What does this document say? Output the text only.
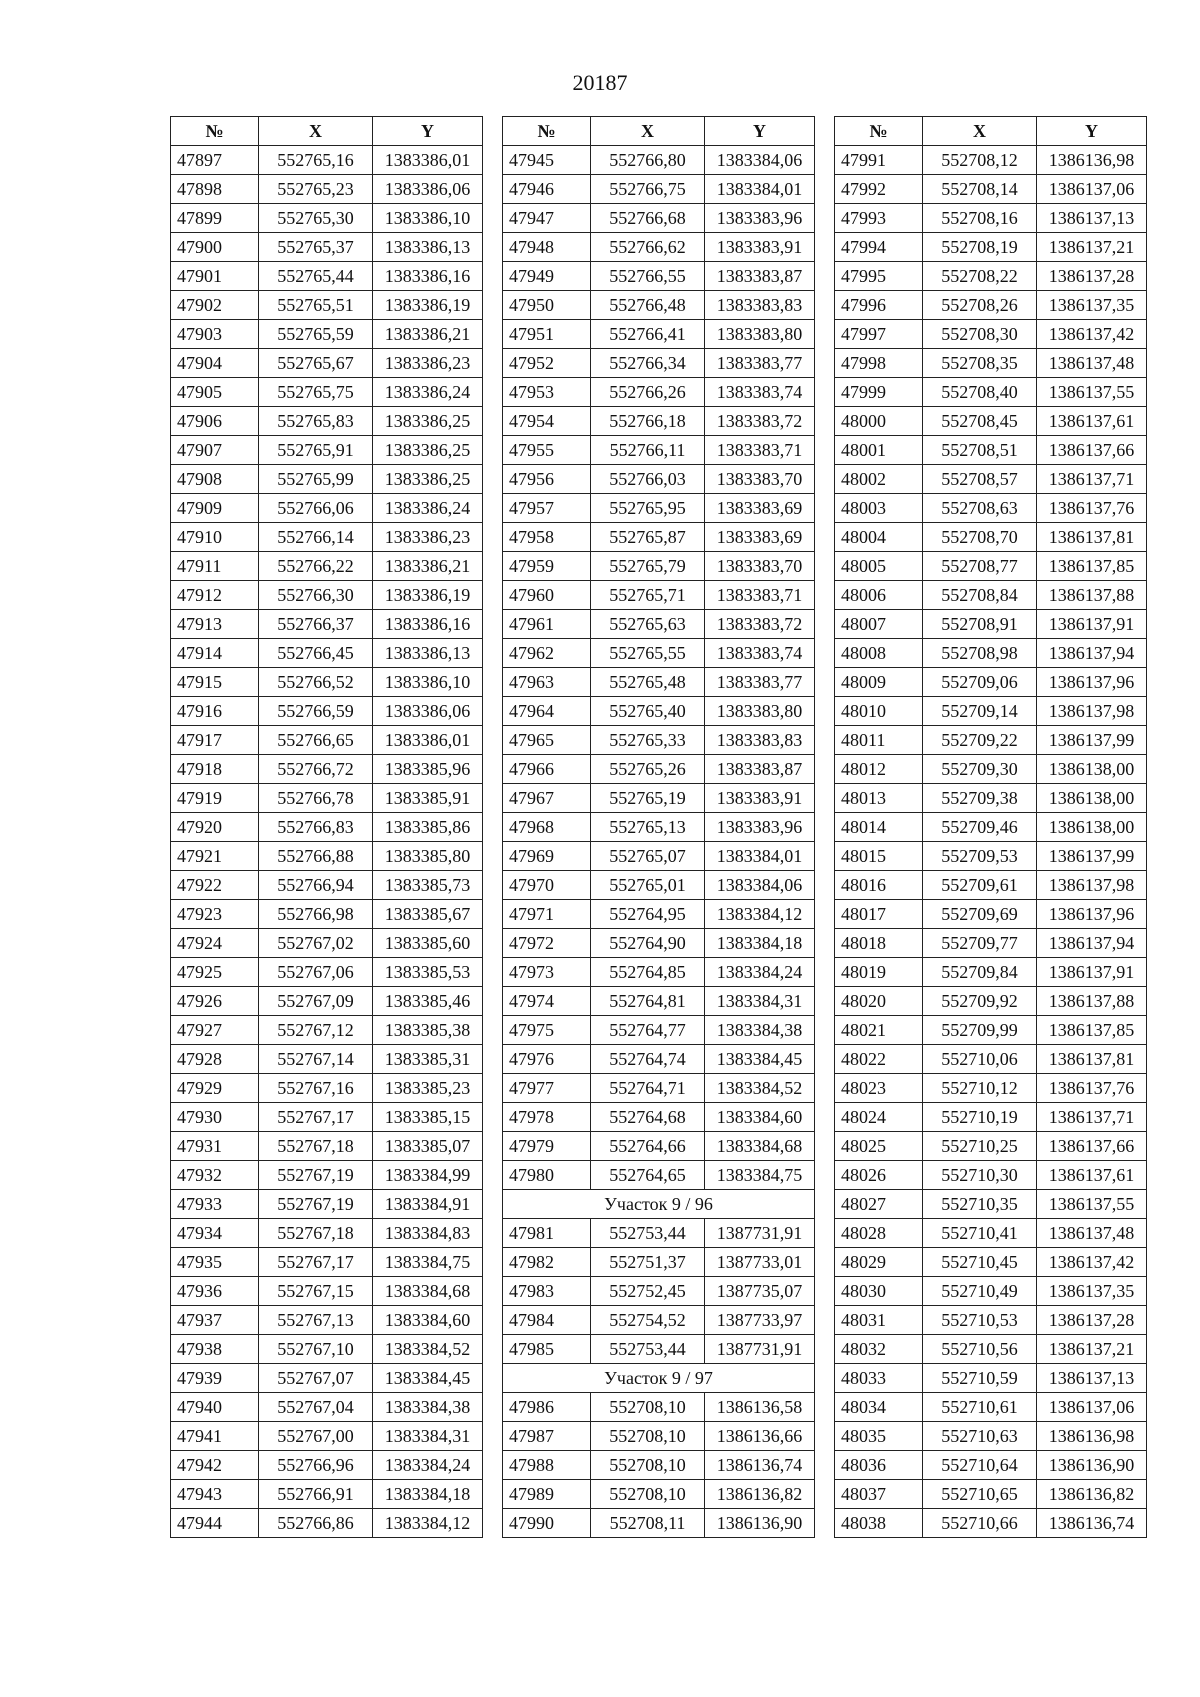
20187
№	X	Y
47897	552765,16	1383386,01
47898	552765,23	1383386,06
47899	552765,30	1383386,10
47900	552765,37	1383386,13
47901	552765,44	1383386,16
47902	552765,51	1383386,19
47903	552765,59	1383386,21
47904	552765,67	1383386,23
47905	552765,75	1383386,24
47906	552765,83	1383386,25
47907	552765,91	1383386,25
47908	552765,99	1383386,25
47909	552766,06	1383386,24
47910	552766,14	1383386,23
47911	552766,22	1383386,21
47912	552766,30	1383386,19
47913	552766,37	1383386,16
47914	552766,45	1383386,13
47915	552766,52	1383386,10
47916	552766,59	1383386,06
47917	552766,65	1383386,01
47918	552766,72	1383385,96
47919	552766,78	1383385,91
47920	552766,83	1383385,86
47921	552766,88	1383385,80
47922	552766,94	1383385,73
47923	552766,98	1383385,67
47924	552767,02	1383385,60
47925	552767,06	1383385,53
47926	552767,09	1383385,46
47927	552767,12	1383385,38
47928	552767,14	1383385,31
47929	552767,16	1383385,23
47930	552767,17	1383385,15
47931	552767,18	1383385,07
47932	552767,19	1383384,99
47933	552767,19	1383384,91
47934	552767,18	1383384,83
47935	552767,17	1383384,75
47936	552767,15	1383384,68
47937	552767,13	1383384,60
47938	552767,10	1383384,52
47939	552767,07	1383384,45
47940	552767,04	1383384,38
47941	552767,00	1383384,31
47942	552766,96	1383384,24
47943	552766,91	1383384,18
47944	552766,86	1383384,12
№	X	Y
47945	552766,80	1383384,06
47946	552766,75	1383384,01
47947	552766,68	1383383,96
47948	552766,62	1383383,91
47949	552766,55	1383383,87
47950	552766,48	1383383,83
47951	552766,41	1383383,80
47952	552766,34	1383383,77
47953	552766,26	1383383,74
47954	552766,18	1383383,72
47955	552766,11	1383383,71
47956	552766,03	1383383,70
47957	552765,95	1383383,69
47958	552765,87	1383383,69
47959	552765,79	1383383,70
47960	552765,71	1383383,71
47961	552765,63	1383383,72
47962	552765,55	1383383,74
47963	552765,48	1383383,77
47964	552765,40	1383383,80
47965	552765,33	1383383,83
47966	552765,26	1383383,87
47967	552765,19	1383383,91
47968	552765,13	1383383,96
47969	552765,07	1383384,01
47970	552765,01	1383384,06
47971	552764,95	1383384,12
47972	552764,90	1383384,18
47973	552764,85	1383384,24
47974	552764,81	1383384,31
47975	552764,77	1383384,38
47976	552764,74	1383384,45
47977	552764,71	1383384,52
47978	552764,68	1383384,60
47979	552764,66	1383384,68
47980	552764,65	1383384,75
Участок 9 / 96		
47981	552753,44	1387731,91
47982	552751,37	1387733,01
47983	552752,45	1387735,07
47984	552754,52	1387733,97
47985	552753,44	1387731,91
Участок 9 / 97		
47986	552708,10	1386136,58
47987	552708,10	1386136,66
47988	552708,10	1386136,74
47989	552708,10	1386136,82
47990	552708,11	1386136,90
№	X	Y
47991	552708,12	1386136,98
47992	552708,14	1386137,06
47993	552708,16	1386137,13
47994	552708,19	1386137,21
47995	552708,22	1386137,28
47996	552708,26	1386137,35
47997	552708,30	1386137,42
47998	552708,35	1386137,48
47999	552708,40	1386137,55
48000	552708,45	1386137,61
48001	552708,51	1386137,66
48002	552708,57	1386137,71
48003	552708,63	1386137,76
48004	552708,70	1386137,81
48005	552708,77	1386137,85
48006	552708,84	1386137,88
48007	552708,91	1386137,91
48008	552708,98	1386137,94
48009	552709,06	1386137,96
48010	552709,14	1386137,98
48011	552709,22	1386137,99
48012	552709,30	1386138,00
48013	552709,38	1386138,00
48014	552709,46	1386138,00
48015	552709,53	1386137,99
48016	552709,61	1386137,98
48017	552709,69	1386137,96
48018	552709,77	1386137,94
48019	552709,84	1386137,91
48020	552709,92	1386137,88
48021	552709,99	1386137,85
48022	552710,06	1386137,81
48023	552710,12	1386137,76
48024	552710,19	1386137,71
48025	552710,25	1386137,66
48026	552710,30	1386137,61
48027	552710,35	1386137,55
48028	552710,41	1386137,48
48029	552710,45	1386137,42
48030	552710,49	1386137,35
48031	552710,53	1386137,28
48032	552710,56	1386137,21
48033	552710,59	1386137,13
48034	552710,61	1386137,06
48035	552710,63	1386136,98
48036	552710,64	1386136,90
48037	552710,65	1386136,82
48038	552710,66	1386136,74
